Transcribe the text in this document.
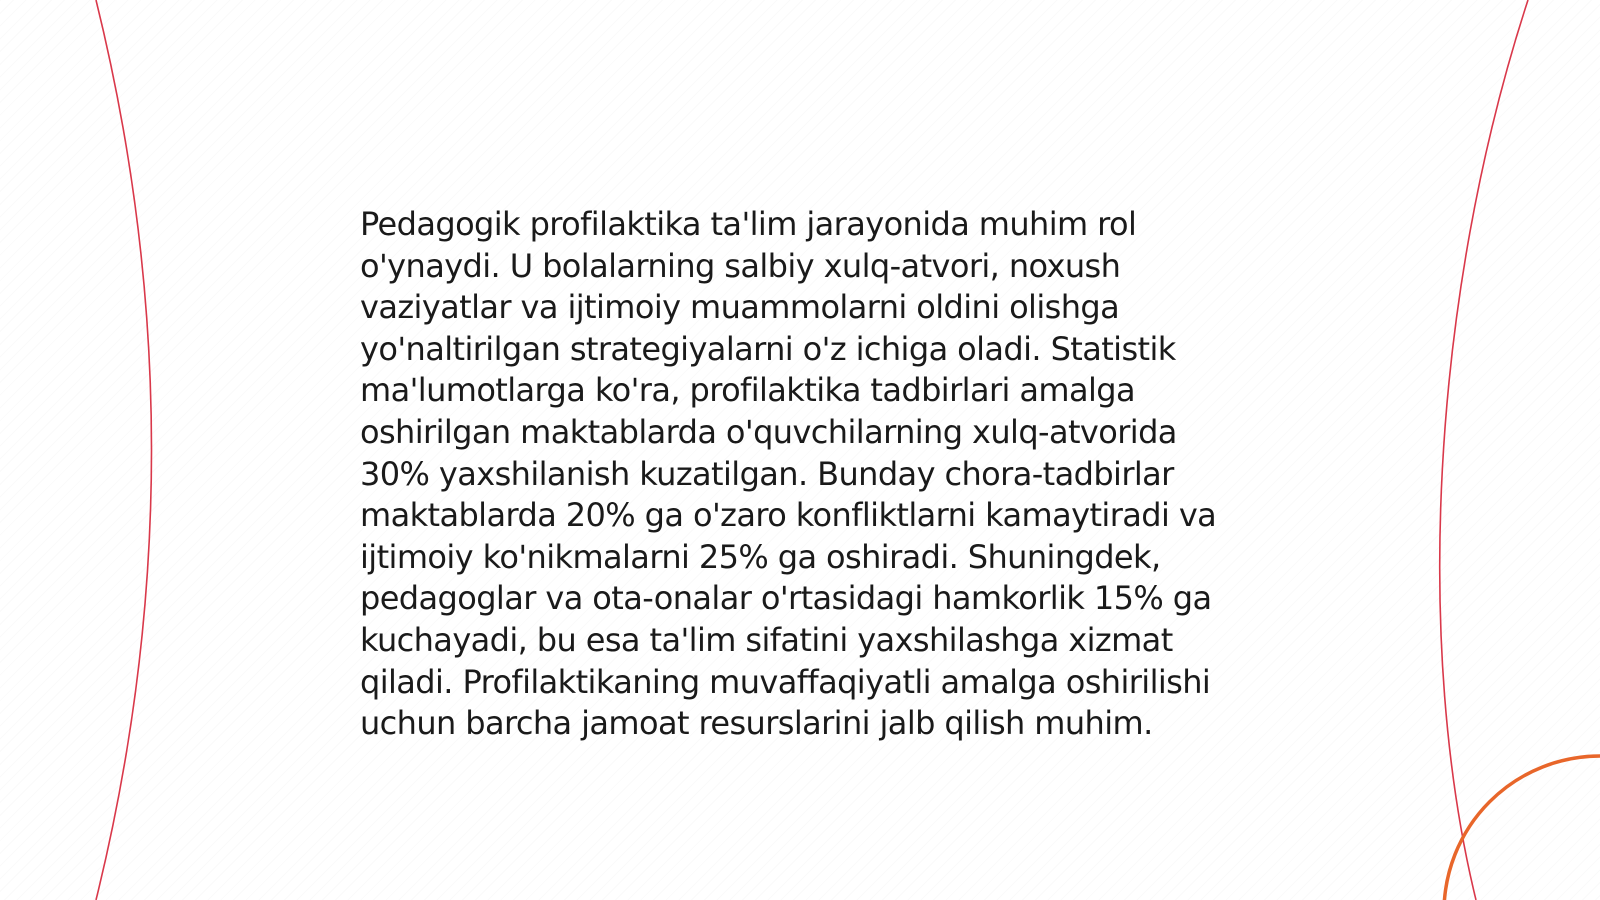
Pedagogik profilaktika ta'lim jarayonida muhim rol o'ynaydi. U bolalarning salbiy xulq-atvori, noxush vaziyatlar va ijtimoiy muammolarni oldini olishga yo'naltirilgan strategiyalarni o'z ichiga oladi. Statistik ma'lumotlarga ko'ra, profilaktika tadbirlari amalga oshirilgan maktablarda o'quvchilarning xulq-atvorida 30% yaxshilanish kuzatilgan. Bunday chora-tadbirlar maktablarda 20% ga o'zaro konfliktlarni kamaytiradi va ijtimoiy ko'nikmalarni 25% ga oshiradi. Shuningdek, pedagoglar va ota-onalar o'rtasidagi hamkorlik 15% ga kuchayadi, bu esa ta'lim sifatini yaxshilashga xizmat qiladi. Profilaktikaning muvaffaqiyatli amalga oshirilishi uchun barcha jamoat resurslarini jalb qilish muhim.
